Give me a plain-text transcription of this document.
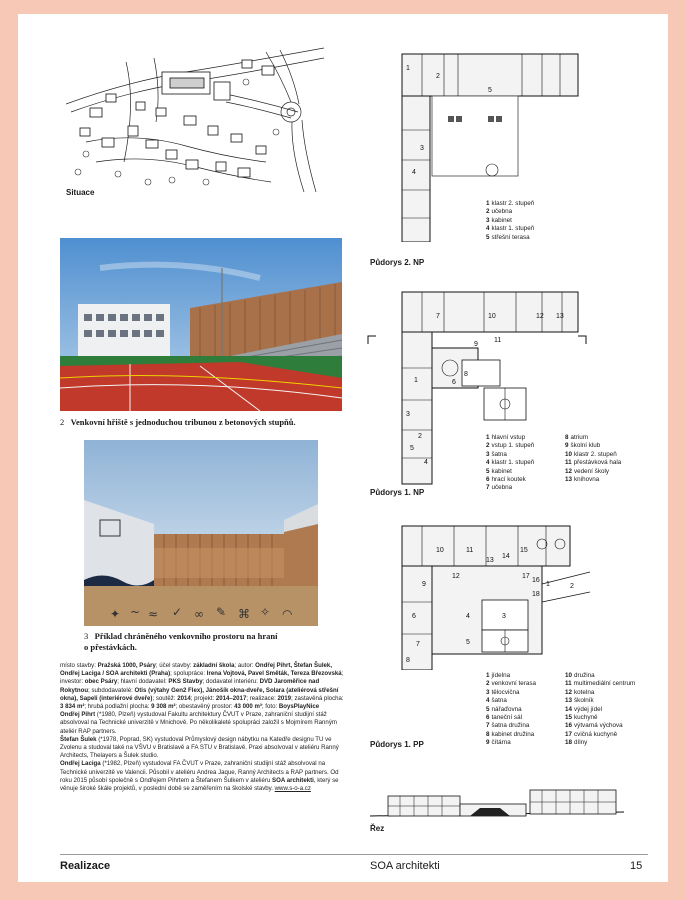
Situace
2 Venkovní hřiště s jednoduchou tribunou z betonových stupňů.
✦ ~ ≈ ✓ ∞ ✎ ⌘ ✧ ◠
3 Příklad chráněného venkovního prostoru na hraní
o přestávkách.
místo stavby: Pražská 1000, Psáry; účel stavby: základní škola; autor: Ondřej Pihrt, Štefan Šulek, Ondřej Laciga / SOA architekti (Praha); spolupráce: Irena Vojtová, Pavel Směták, Tereza Březovská; investor: obec Psáry; hlavní dodavatel: PKS Stavby; dodavatel interiéru: DVD Jaroměřice nad Rokytnou; subdodavatelé: Otis (výtahy Gen2 Flex), Jánošík okna-dveře, Solara (ateliérová střešní okna), Sapeli (interiérové dveře); soutěž: 2014; projekt: 2014–2017; realizace: 2019; zastavěná plocha: 3 834 m²; hrubá podlažní plocha: 9 308 m²; obestavěný prostor: 43 000 m³; foto: BoysPlayNice
Ondřej Pihrt (*1980, Plzeň) vystudoval Fakultu architektury ČVUT v Praze, zahraniční studijní stáž absolvoval na Technické univerzitě v Mnichově. Po několikaleté spolupráci založil s Mojmírem Ranným ateliér RAP partners.
Štefan Šulek (*1978, Poprad, SK) vystudoval Průmyslový design nábytku na Katedře designu TU ve Zvolenu a studoval také na VŠVU v Bratislavě a FA STU v Bratislavě. Praxi absolvoval v ateliéru Ranný Architects, Thelayers a Šulek studio.
Ondřej Laciga (*1982, Plzeň) vystudoval FA ČVUT v Praze, zahraniční studijní stáž absolvoval na Technické univerzitě ve Valencii. Působil v ateliéru Andrea Jaque, Ranný Architects a RAP partners. Od roku 2015 působí společně s Ondřejem Pihrtem a Štefanem Šulkem v ateliéru SOA architekti, který se věnuje široké škále projektů, v poslední době se zaměřením na školské stavby. www.s-o-a.cz
1
2
3
4
5
1 klastr 2. stupeň
2 učebna
3 kabinet
4 klastr 1. stupeň
5 střešní terasa
Půdorys 2. NP
1
2
3
4
5
6
7
8
9
10
11
12 13
1 hlavní vstup
2 vstup 1. stupeň
3 šatna
4 klastr 1. stupeň
5 kabinet
6 hrací koutek
7 učebna
8 atrium
9 školní klub
10 klastr 2. stupeň
11 přestávková hala
12 vedení školy
13 knihovna
Půdorys 1. NP
1	2
3
4
5
6
7
8
9
10	11
12
13
14
15
16
17
18
1 jídelna
2 venkovní terasa
3 tělocvična
4 šatna
5 nářaďovna
6 taneční sál
7 šatna družina
8 kabinet družina
9 čítárna
10 družina
11 multimediální centrum
12 kotelna
13 školník
14 výdej jídel
15 kuchyně
16 výtvarná výchova
17 cvičná kuchyně
18 dílny
Půdorys 1. PP
Řez
Realizace	SOA architekti	15
